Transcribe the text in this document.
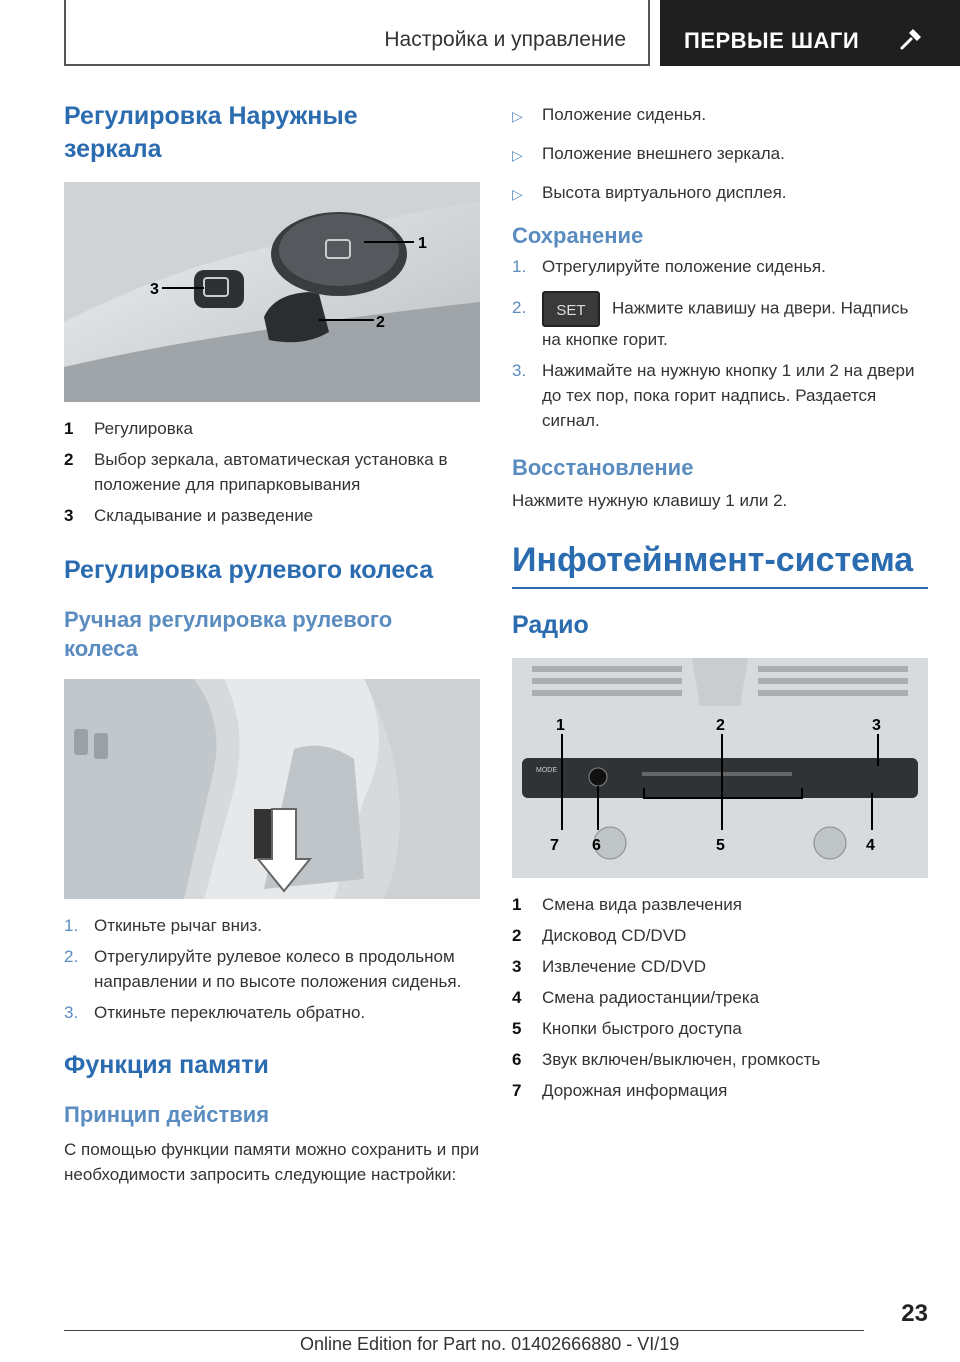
Настройка и управление	ПЕРВЫЕ ШАГИ
Регулировка Наружные зеркала
1
2
3
1	Регулировка
2	Выбор зеркала, автоматическая установка в положение для припарковывания
3	Складывание и разведение
Регулировка рулевого колеса
Ручная регулировка рулевого колеса
1. Откиньте рычаг вниз.
2. Отрегулируйте рулевое колесо в продольном направлении и по высоте положения сиденья.
3. Откиньте переключатель обратно.
Функция памяти
Принцип действия

С помощью функции памяти можно сохранить и при необходимости запросить следующие настройки:

▷	Положение сиденья.
▷	Положение внешнего зеркала.
▷	Высота виртуального дисплея.
Сохранение
1. Отрегулируйте положение сиденья.
2.	SET Нажмите клавишу на двери. Надпись на кнопке горит.
3. Нажимайте на нужную кнопку 1 или 2 на двери до тех пор, пока горит надпись. Раздается сигнал.
Восстановление

Нажмите нужную клавишу 1 или 2.

Инфотейнмент-система
Радио
MODE
1	2	3
4
5
6
7
1	Смена вида развлечения
2	Дисковод CD/DVD
3	Извлечение CD/DVD
4	Смена радиостанции/трека
5	Кнопки быстрого доступа
6	Звук включен/выключен, громкость
7	Дорожная информация
23
Online Edition for Part no. 01402666880 - VI/19
